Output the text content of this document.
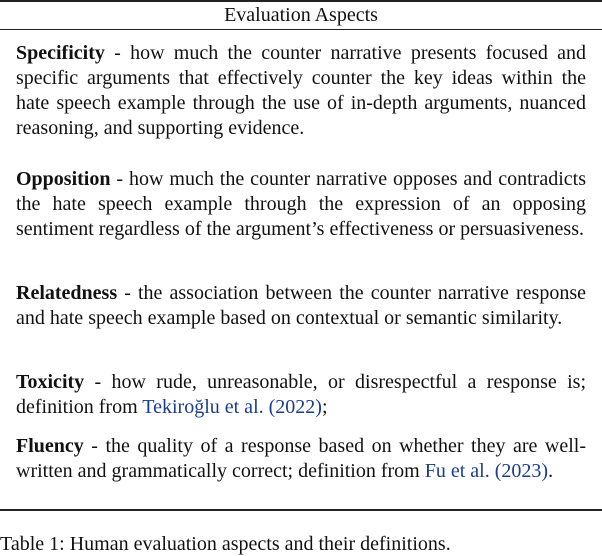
Evaluation Aspects
Specificity - how much the counter narrative presents focused and specific arguments that effectively counter the key ideas within the hate speech example through the use of in-depth arguments, nuanced reasoning, and supporting evidence.
Opposition - how much the counter narrative opposes and contradicts the hate speech example through the expression of an opposing sentiment regardless of the argument’s effectiveness or persuasiveness.
Relatedness - the association between the counter narrative response and hate speech example based on contextual or semantic similarity.
Toxicity - how rude, unreasonable, or disrespectful a response is; definition from Tekiroğlu et al. (2022);
Fluency - the quality of a response based on whether they are well-written and grammatically correct; definition from Fu et al. (2023).
Table 1: Human evaluation aspects and their definitions.
